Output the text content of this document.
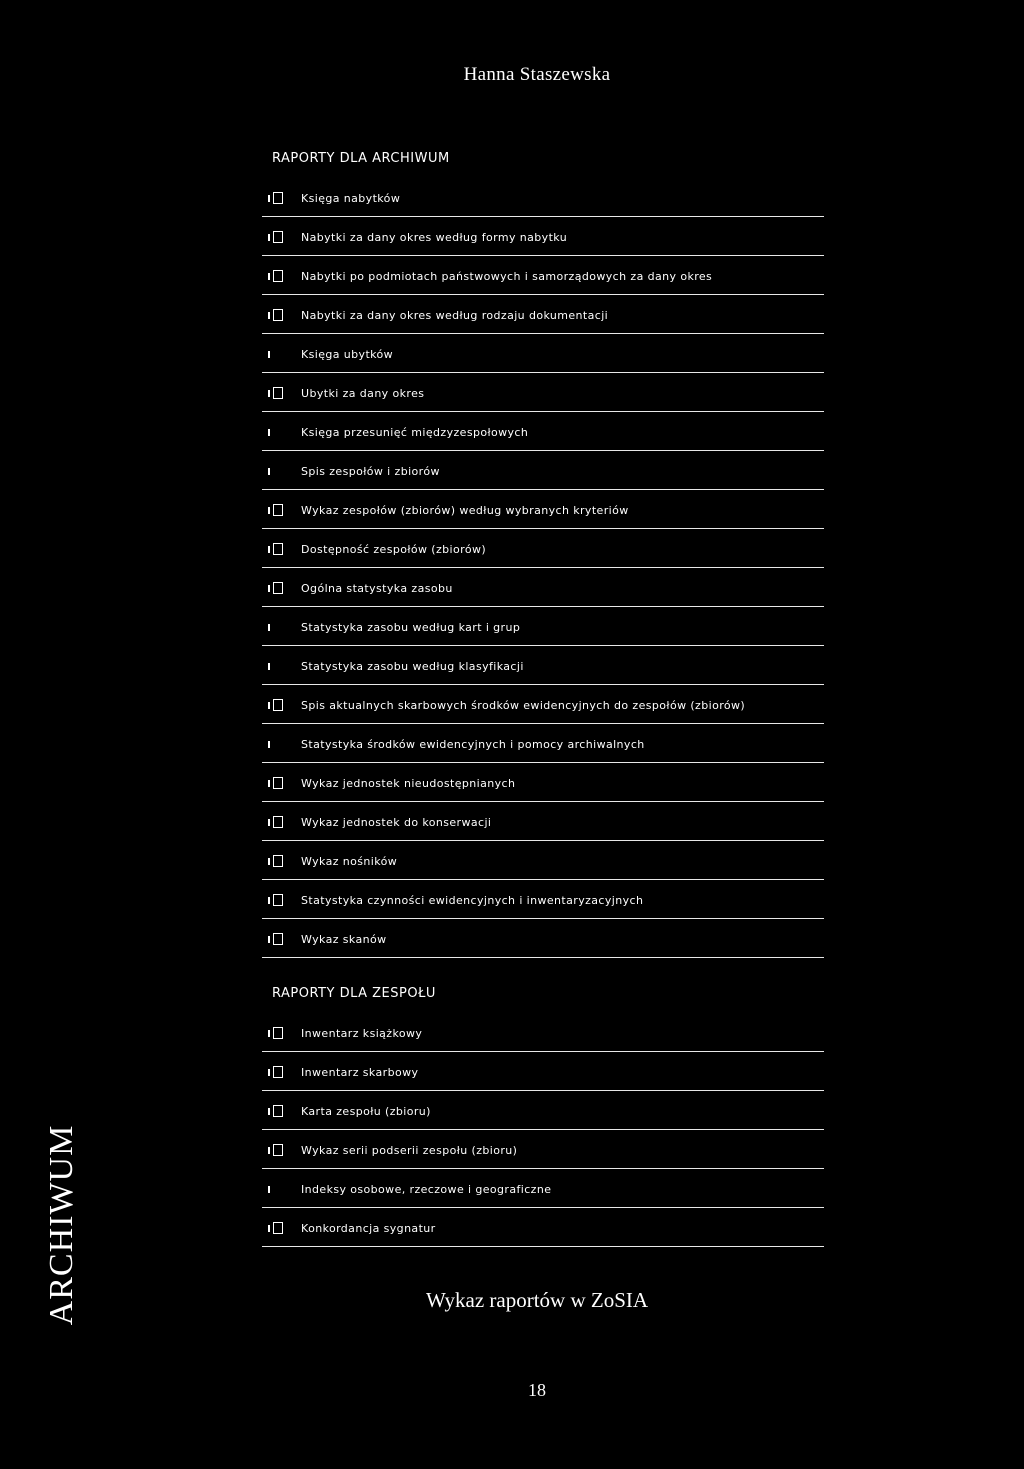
Hanna Staszewska
RAPORTY DLA ARCHIWUM
Księga nabytków
Nabytki za dany okres według formy nabytku
Nabytki po podmiotach państwowych i samorządowych za dany okres
Nabytki za dany okres według rodzaju dokumentacji
Księga ubytków
Ubytki za dany okres
Księga przesunięć międzyzespołowych
Spis zespołów i zbiorów
Wykaz zespołów (zbiorów) według wybranych kryteriów
Dostępność zespołów (zbiorów)
Ogólna statystyka zasobu
Statystyka zasobu według kart i grup
Statystyka zasobu według klasyfikacji
Spis aktualnych skarbowych środków ewidencyjnych do zespołów (zbiorów)
Statystyka środków ewidencyjnych i pomocy archiwalnych
Wykaz jednostek nieudostępnianych
Wykaz jednostek do konserwacji
Wykaz nośników
Statystyka czynności ewidencyjnych i inwentaryzacyjnych
Wykaz skanów
RAPORTY DLA ZESPOŁU
Inwentarz książkowy
Inwentarz skarbowy
Karta zespołu (zbioru)
Wykaz serii podserii zespołu (zbioru)
Indeksy osobowe, rzeczowe i geograficzne
Konkordancja sygnatur
Wykaz raportów w ZoSIA
18
ARCHIWUM
